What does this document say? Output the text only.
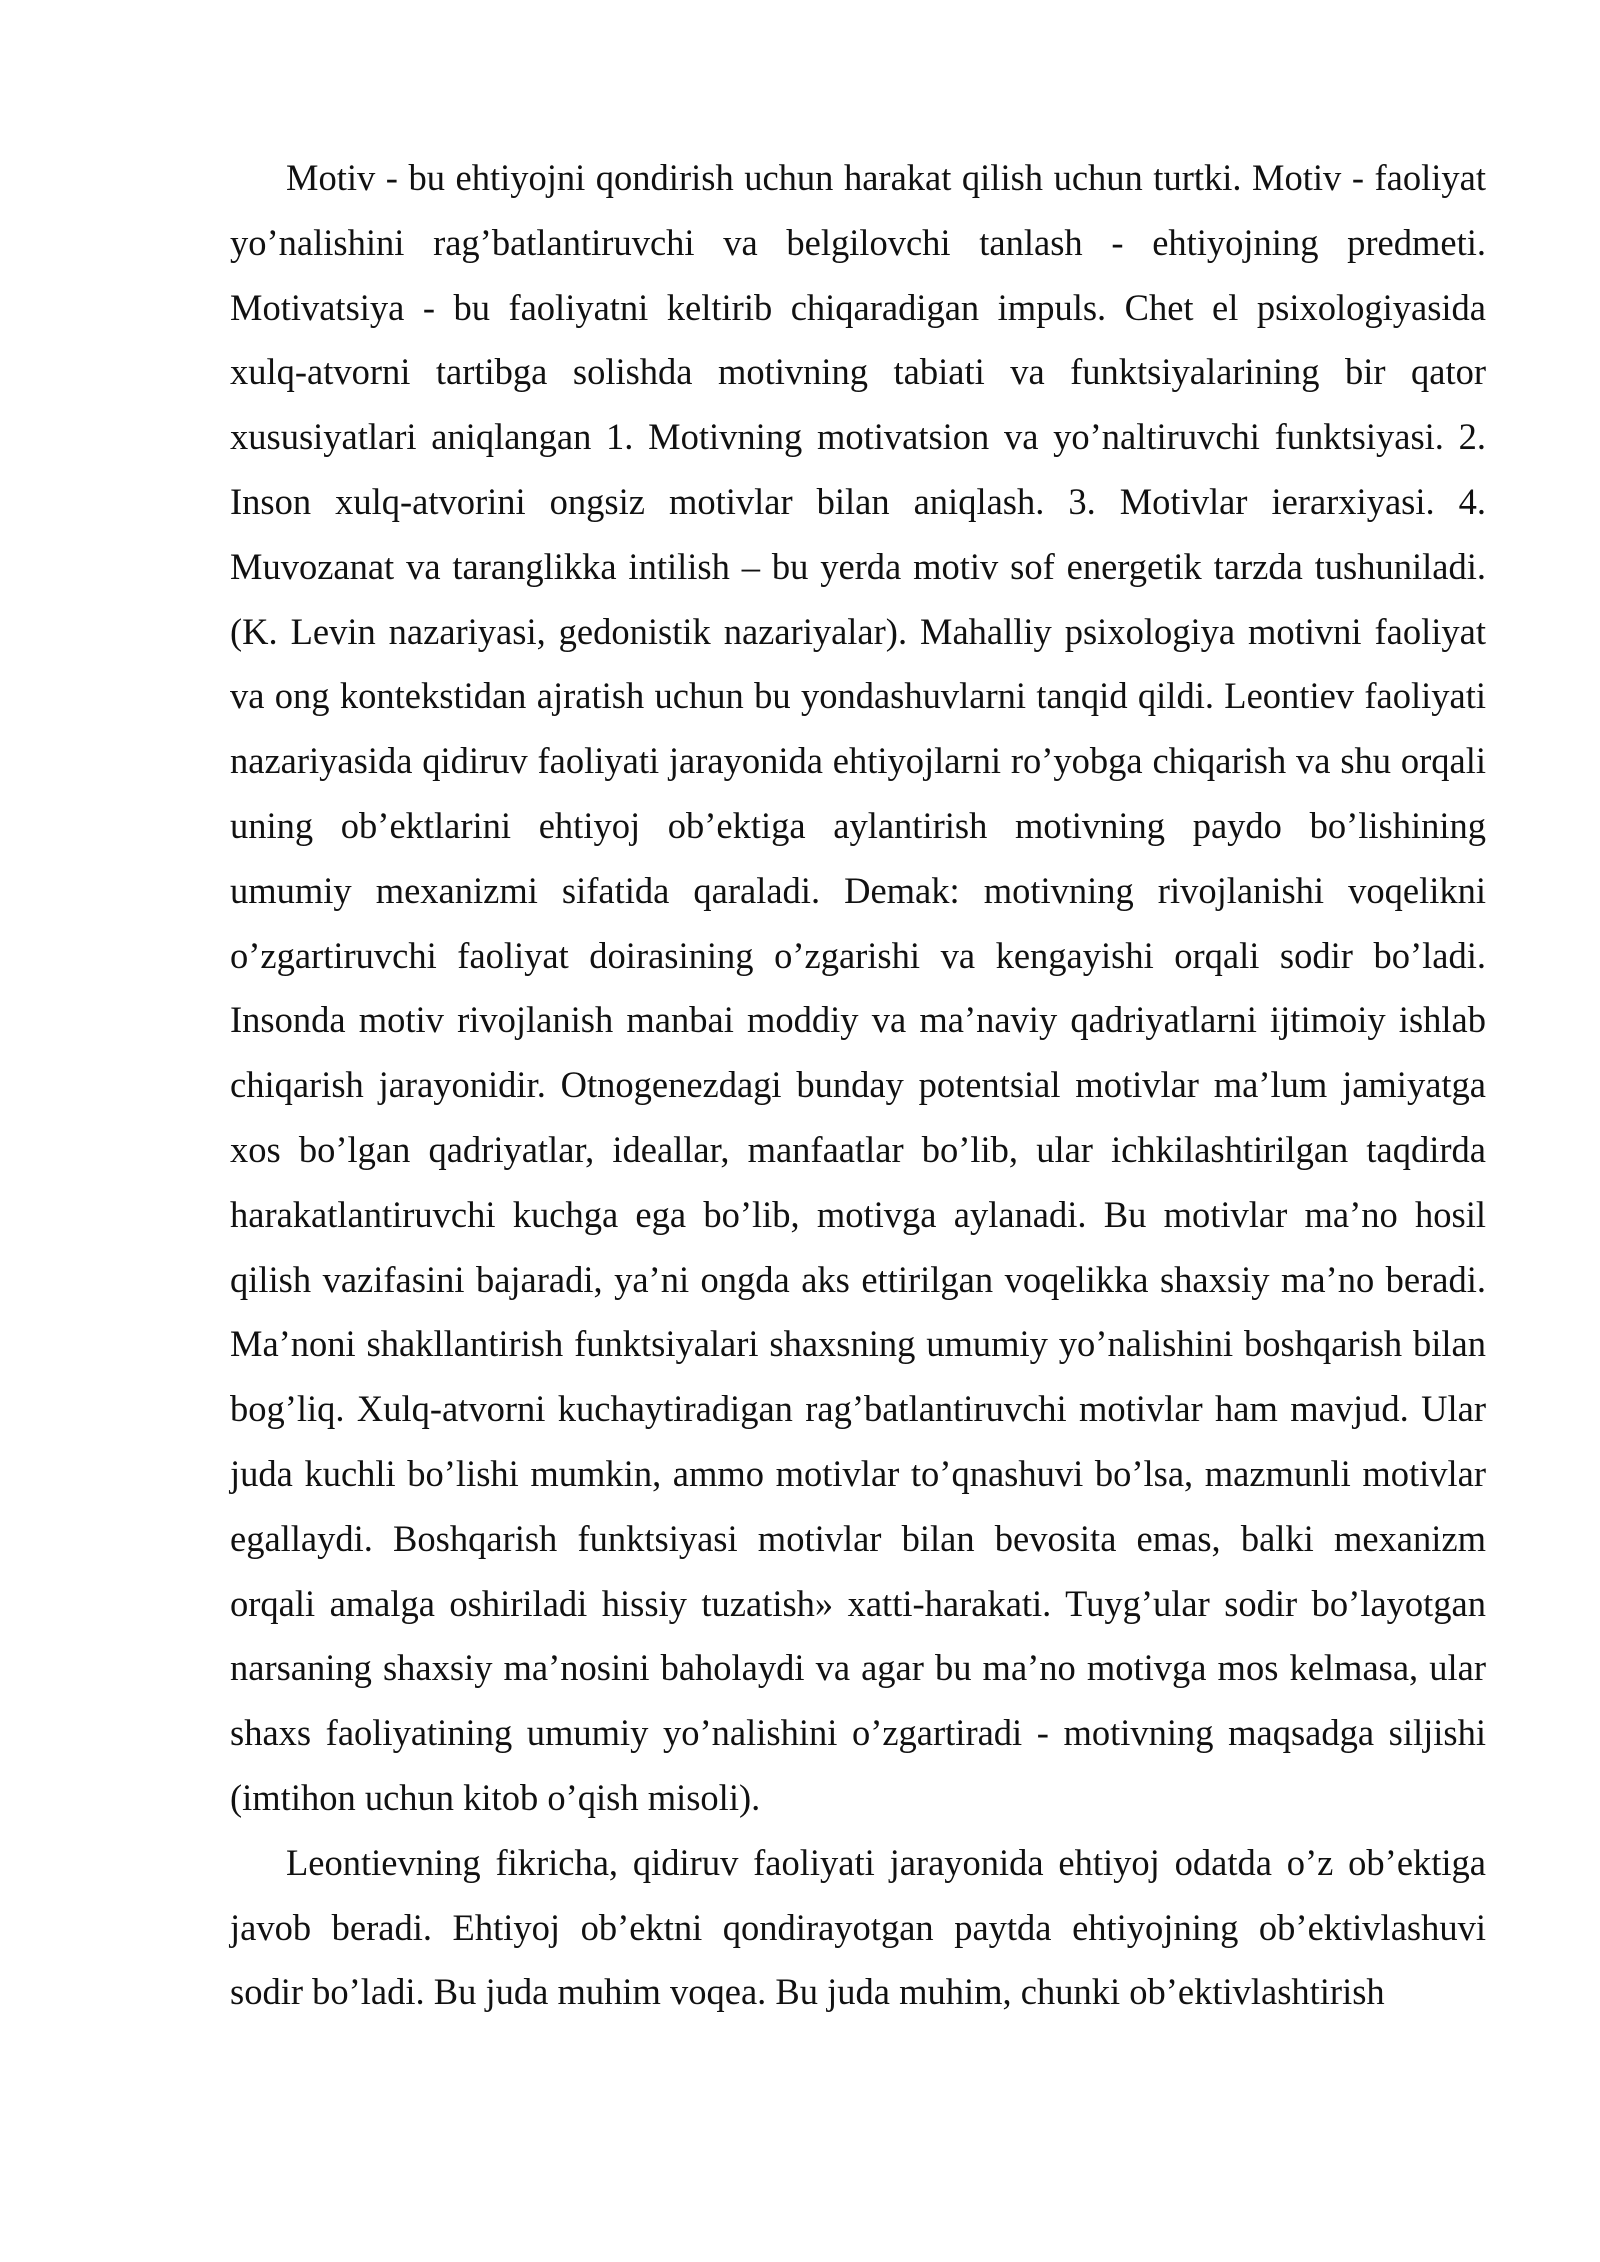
Motiv - bu ehtiyojni qondirish uchun harakat qilish uchun turtki. Motiv - faoliyat yo’nalishini rag’batlantiruvchi va belgilovchi tanlash - ehtiyojning predmeti. Motivatsiya - bu faoliyatni keltirib chiqaradigan impuls. Chet el psixologiyasida xulq-atvorni tartibga solishda motivning tabiati va funktsiyalarining bir qator xususiyatlari aniqlangan 1. Motivning motivatsion va yo’naltiruvchi funktsiyasi. 2. Inson xulq-atvorini ongsiz motivlar bilan aniqlash. 3. Motivlar ierarxiyasi. 4. Muvozanat va taranglikka intilish – bu yerda motiv sof energetik tarzda tushuniladi. (K. Levin nazariyasi, gedonistik nazariyalar). Mahalliy psixologiya motivni faoliyat va ong kontekstidan ajratish uchun bu yondashuvlarni tanqid qildi. Leontiev faoliyati nazariyasida qidiruv faoliyati jarayonida ehtiyojlarni ro’yobga chiqarish va shu orqali uning ob’ektlarini ehtiyoj ob’ektiga aylantirish motivning paydo bo’lishining umumiy mexanizmi sifatida qaraladi. Demak: motivning rivojlanishi voqelikni o’zgartiruvchi faoliyat doirasining o’zgarishi va kengayishi orqali sodir bo’ladi. Insonda motiv rivojlanish manbai moddiy va ma’naviy qadriyatlarni ijtimoiy ishlab chiqarish jarayonidir. Otnogenezdagi bunday potentsial motivlar ma’lum jamiyatga xos bo’lgan qadriyatlar, ideallar, manfaatlar bo’lib, ular ichkilashtirilgan taqdirda harakatlantiruvchi kuchga ega bo’lib, motivga aylanadi. Bu motivlar ma’no hosil qilish vazifasini bajaradi, ya’ni ongda aks ettirilgan voqelikka shaxsiy ma’no beradi. Ma’noni shakllantirish funktsiyalari shaxsning umumiy yo’nalishini boshqarish bilan bog’liq. Xulq-atvorni kuchaytiradigan rag’batlantiruvchi motivlar ham mavjud. Ular juda kuchli bo’lishi mumkin, ammo motivlar to’qnashuvi bo’lsa, mazmunli motivlar egallaydi. Boshqarish funktsiyasi motivlar bilan bevosita emas, balki mexanizm orqali amalga oshiriladi hissiy tuzatish» xatti-harakati. Tuyg’ular sodir bo’layotgan narsaning shaxsiy ma’nosini baholaydi va agar bu ma’no motivga mos kelmasa, ular shaxs faoliyatining umumiy yo’nalishini o’zgartiradi - motivning maqsadga siljishi (imtihon uchun kitob o’qish misoli).

Leontievning fikricha, qidiruv faoliyati jarayonida ehtiyoj odatda o’z ob’ektiga javob beradi. Ehtiyoj ob’ektni qondirayotgan paytda ehtiyojning ob’ektivlashuvi sodir bo’ladi. Bu juda muhim voqea. Bu juda muhim, chunki ob’ektivlashtirish
